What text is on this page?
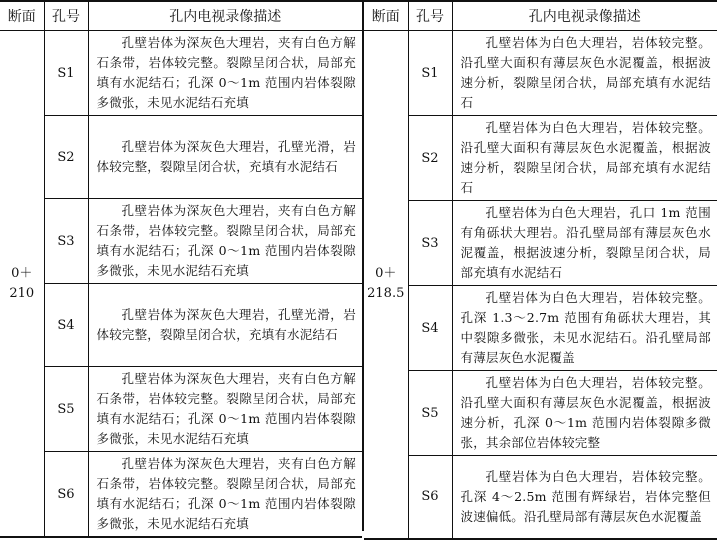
断面	孔号	孔内电视录像描述

0＋
210	S1	孔壁岩体为深灰色大理岩，夹有白色方解石条带，岩体较完整。裂隙呈闭合状，局部充填有水泥结石；孔深 0～1m 范围内岩体裂隙多微张，未见水泥结石充填

	S2	孔壁岩体为深灰色大理岩，孔壁光滑，岩体较完整，裂隙呈闭合状，充填有水泥结石

	S3	孔壁岩体为深灰色大理岩，夹有白色方解石条带，岩体较完整。裂隙呈闭合状，局部充填有水泥结石；孔深 0～1m 范围内岩体裂隙多微张，未见水泥结石充填

	S4	孔壁岩体为深灰色大理岩，孔壁光滑，岩体较完整，裂隙呈闭合状，充填有水泥结石

	S5	孔壁岩体为深灰色大理岩，夹有白色方解石条带，岩体较完整。裂隙呈闭合状，局部充填有水泥结石；孔深 0～1m 范围内岩体裂隙多微张，未见水泥结石充填

	S6	孔壁岩体为深灰色大理岩，夹有白色方解石条带，岩体较完整。裂隙呈闭合状，局部充填有水泥结石；孔深 0～1m 范围内岩体裂隙多微张，未见水泥结石充填
断面	孔号	孔内电视录像描述

0＋
218.5	S1	孔壁岩体为白色大理岩，岩体较完整。沿孔壁大面积有薄层灰色水泥覆盖，根据波速分析，裂隙呈闭合状，局部充填有水泥结石

	S2	孔壁岩体为白色大理岩，岩体较完整。沿孔壁大面积有薄层灰色水泥覆盖，根据波速分析，裂隙呈闭合状，局部充填有水泥结石

	S3	孔壁岩体为白色大理岩，孔口 1m 范围有角砾状大理岩。沿孔壁局部有薄层灰色水泥覆盖，根据波速分析，裂隙呈闭合状，局部充填有水泥结石

	S4	孔壁岩体为白色大理岩，岩体较完整。孔深 1.3～2.7m 范围有角砾状大理岩，其中裂隙多微张，未见水泥结石。沿孔壁局部有薄层灰色水泥覆盖

	S5	孔壁岩体为白色大理岩，岩体较完整。沿孔壁大面积有薄层灰色水泥覆盖，根据波速分析，孔深 0～1m 范围内岩体裂隙多微张，其余部位岩体较完整

	S6	孔壁岩体为白色大理岩，岩体较完整。孔深 4～2.5m 范围有辉绿岩，岩体完整但波速偏低。沿孔壁局部有薄层灰色水泥覆盖
